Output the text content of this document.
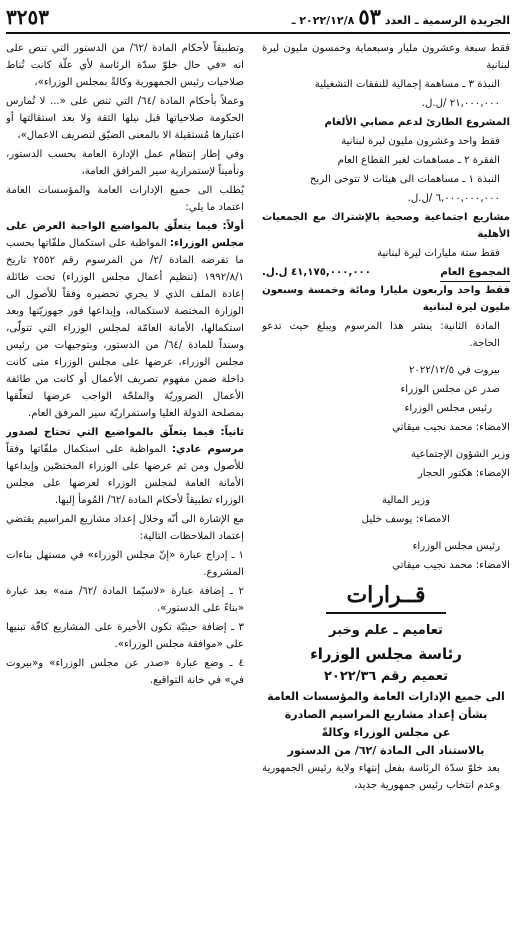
الجريدة الرسمية ـ العدد
٥٣
٢٠٢٢/١٢/٨ ـ
٣٢٥٣

فقط سبعة وعشرون مليار وسبعماية وخمسون مليون ليرة لبنانية

النبذة ٣ ـ مساهمة إجمالية للنفقات التشغيلية

٢١,٠٠٠,٠٠٠ /ل.ل.

المشروع الطارئ لدعم مصابي الألغام

فقط واحد وعشرون مليون ليرة لبنانية

الفقرة ٢ ـ مساهمات لغير القطاع العام

النبذة ١ ـ مساهمات الى هيئات لا تتوخى الربح

٦,٠٠٠,٠٠٠,٠٠٠ /ل.ل.

مشاريع اجتماعية وصحية بالإشتراك مع الجمعيات الأهلية

فقط ستة مليارات ليرة لبنانية

المجموع العام
٤١,١٧٥,٠٠٠,٠٠٠ ل.ل.

فقط واحد واربعون مليارا ومائة وخمسة وسبعون مليون ليرة لبنانية

المادة الثانية: ينشر هذا المرسوم ويبلغ حيث تدعو الحاجة.

بيروت في ٢٠٢٢/١٢/٥

صدر عن مجلس الوزراء

رئيس مجلس الوزراء

الامضاء: محمد نجيب ميقاتي

وزير الشؤون الإجتماعية

الإمضاء: هكتور الحجار

وزير المالية

الامضاء: يوسف خليل

رئيس مجلس الوزراء

الامضاء: محمد نجيب ميقاتي

قــرارات
تعاميم ـ علم وخبر
رئاسة مجلس الوزراء
تعميم رقم ٢٠٢٢/٣٦
الى جميع الإدارات العامة والمؤسسات العامة
بشأن إعداد مشاريع المراسيم الصادرة
عن مجلس الوزراء وكالةً
بالاستناد الى المادة /٦٢/ من الدستور

بعد خلوّ سدّة الرئاسة بفعل إنتهاء ولاية رئيس الجمهورية وعدم انتخاب رئيس جمهورية جديد،

وتطبيقاً لأحكام المادة /٦٢/ من الدستور التي تنص على انه «في حال خلوّ سدّة الرئاسة لأي علّة كانت تُناط صلاحيات رئيس الجمهورية وكالةً بمجلس الوزراء»،

وعملاً بأحكام المادة /٦٤/ التي تنص على «... لا تُمارس الحكومة صلاحياتها قبل نيلها الثقة ولا بعد استقالتها أو اعتبارها مُستقيلة الا بالمعنى الضيّق لتصريف الاعمال»،

وفي إطار إنتظام عمل الإدارة العامة بحسب الدستور، وتأميناً لإستمرارية سير المرافق العامة،

يُطلب الى جميع الإدارات العامة والمؤسسات العامة اعتماد ما يلي:

أولاً: فيما يتعلّق بالمواضيع الواجبة العرض على مجلس الوزراء: المواظبة على استكمال ملفّاتها بحسب ما تفرضه المادة /٢/ من المرسوم رقم ٢٥٥٢ تاريخ ١٩٩٢/٨/١ (تنظيم أعمال مجلس الوزراء) تحت طائلة إعادة الملف الذي لا يجري تحضيره وفقاً للأصول الى الوزارة المختصة لاستكماله، وإيداعها فور جهوزيّتها وبعد استكمالها، الأمانة العامّة لمجلس الوزراء التي تتولّى، وسنداً للمادة /٦٤/ من الدستور، وبتوجيهات من رئيس مجلس الوزراء، عرضها على مجلس الوزراء متى كانت داخلة ضمن مفهوم تصريف الأعمال أو كانت من طائفة الأعمال الضروريّة والملحّة الواجب عرضها لتعلّقها بمصلحة الدولة العليا واستمراريّة سير المرفق العام.

ثانياً: فيما يتعلّق بالمواضيع التي تحتاج لصدور مرسوم عادي: المواظبة على استكمال ملفّاتها وفقاً للأصول ومن ثم عرضها على الوزراء المختصّين وإيداعها الأمانة العامة لمجلس الوزراء لعرضها على مجلس الوزراء تطبيقاً لأحكام المادة /٦٢/ المُومأ إليها.

مع الإشارة الى أنّه وخلال إعداد مشاريع المراسيم يقتضي إعتماد الملاحظات التالية:

١ ـ إدراج عبارة «إنّ مجلس الوزراء» في مستهل بناءات المشروع.

٢ ـ إضافة عبارة «لاسيّما المادة /٦٢/ منه» بعد عبارة «بناءً على الدستور».

٣ ـ إضافة حيثيّة تكون الأخيرة على المشاريع كافّة تبنيها على «موافقة مجلس الوزراء».

٤ ـ وضع عبارة «صدر عن مجلس الوزراء» و«بيروت في» في خانة التواقيع.
